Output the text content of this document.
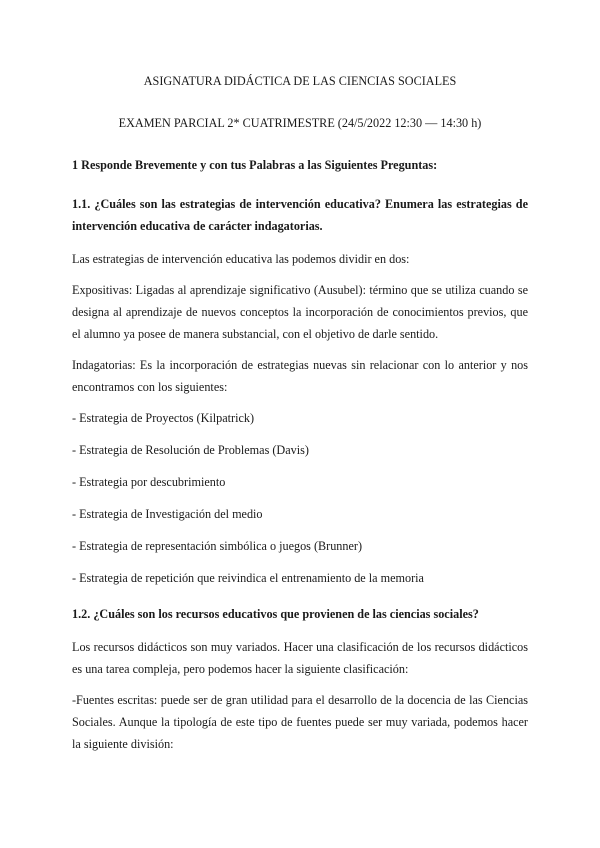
ASIGNATURA DIDÁCTICA DE LAS CIENCIAS SOCIALES
EXAMEN PARCIAL 2* CUATRIMESTRE (24/5/2022 12:30 — 14:30 h)
1 Responde Brevemente y con tus Palabras a las Siguientes Preguntas:
1.1. ¿Cuáles son las estrategias de intervención educativa? Enumera las estrategias de intervención educativa de carácter indagatorias.

Las estrategias de intervención educativa las podemos dividir en dos:

Expositivas: Ligadas al aprendizaje significativo (Ausubel): término que se utiliza cuando se designa al aprendizaje de nuevos conceptos la incorporación de conocimientos previos, que el alumno ya posee de manera substancial, con el objetivo de darle sentido.

Indagatorias: Es la incorporación de estrategias nuevas sin relacionar con lo anterior y nos encontramos con los siguientes:

- Estrategia de Proyectos (Kilpatrick)
- Estrategia de Resolución de Problemas (Davis)
- Estrategia por descubrimiento
- Estrategia de Investigación del medio
- Estrategia de representación simbólica o juegos (Brunner)
- Estrategia de repetición que reivindica el entrenamiento de la memoria
1.2. ¿Cuáles son los recursos educativos que provienen de las ciencias sociales?

Los recursos didácticos son muy variados. Hacer una clasificación de los recursos didácticos es una tarea compleja, pero podemos hacer la siguiente clasificación:

-Fuentes escritas: puede ser de gran utilidad para el desarrollo de la docencia de las Ciencias Sociales. Aunque la tipología de este tipo de fuentes puede ser muy variada, podemos hacer la siguiente división:
